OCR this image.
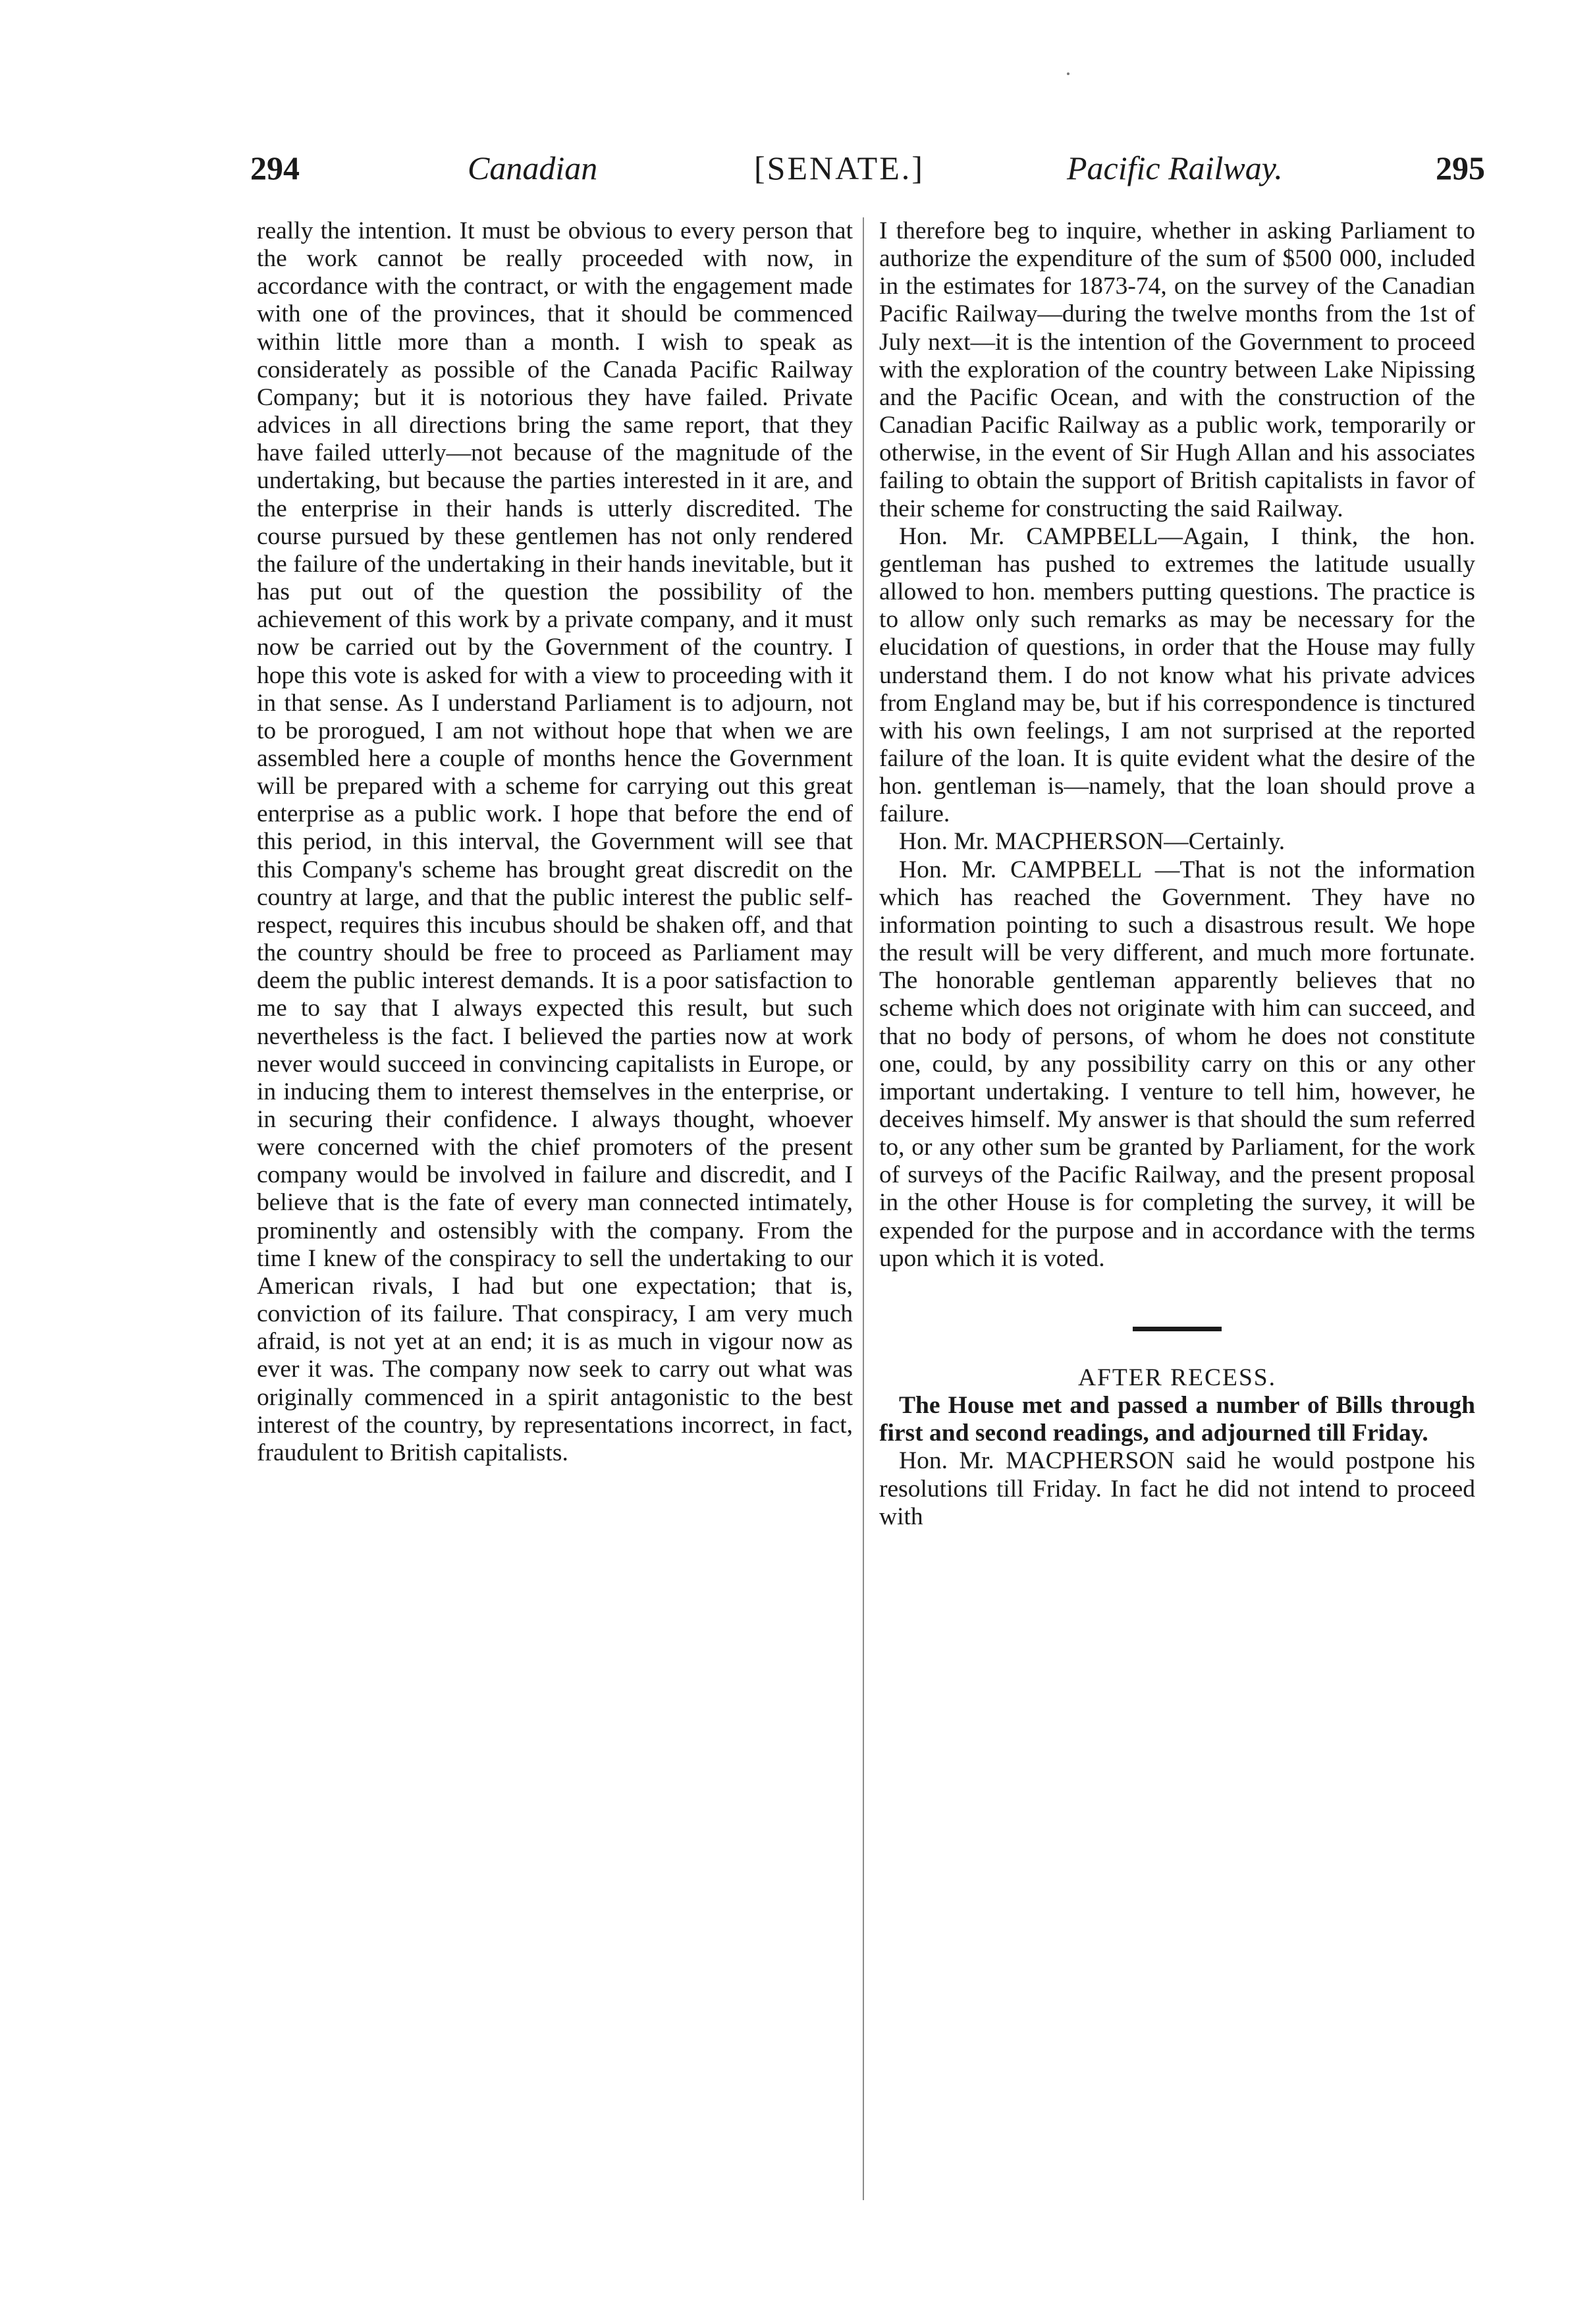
294	Canadian	[SENATE.]	Pacific Railway.	295

really the intention. It must be obvious to every person that the work cannot be really proceeded with now, in accordance with the contract, or with the engagement made with one of the provinces, that it should be commenced within little more than a month. I wish to speak as considerately as possible of the Canada Pacific Railway Company; but it is notorious they have failed. Private advices in all directions bring the same report, that they have failed utterly—not because of the magnitude of the undertaking, but because the parties interested in it are, and the enterprise in their hands is utterly discredited. The course pursued by these gentlemen has not only rendered the failure of the undertaking in their hands inevitable, but it has put out of the question the possibility of the achievement of this work by a private company, and it must now be carried out by the Government of the country. I hope this vote is asked for with a view to proceeding with it in that sense. As I understand Parliament is to adjourn, not to be prorogued, I am not without hope that when we are assembled here a couple of months hence the Government will be prepared with a scheme for carrying out this great enterprise as a public work. I hope that before the end of this period, in this interval, the Government will see that this Company's scheme has brought great discredit on the country at large, and that the public interest the public self-respect, requires this incubus should be shaken off, and that the country should be free to proceed as Parliament may deem the public interest demands. It is a poor satisfaction to me to say that I always expected this result, but such nevertheless is the fact. I believed the parties now at work never would succeed in convincing capitalists in Europe, or in inducing them to interest themselves in the enterprise, or in securing their confidence. I always thought, whoever were concerned with the chief promoters of the present company would be involved in failure and discredit, and I believe that is the fate of every man connected intimately, prominently and ostensibly with the company. From the time I knew of the conspiracy to sell the undertaking to our American rivals, I had but one expectation; that is, conviction of its failure. That conspiracy, I am very much afraid, is not yet at an end; it is as much in vigour now as ever it was. The company now seek to carry out what was originally commenced in a spirit antagonistic to the best interest of the country, by representations incorrect, in fact, fraudulent to British capitalists.

I therefore beg to inquire, whether in asking Parliament to authorize the expenditure of the sum of $500 000, included in the estimates for 1873-74, on the survey of the Canadian Pacific Railway—during the twelve months from the 1st of July next—it is the intention of the Government to proceed with the exploration of the country between Lake Nipissing and the Pacific Ocean, and with the construction of the Canadian Pacific Railway as a public work, temporarily or otherwise, in the event of Sir Hugh Allan and his associates failing to obtain the support of British capitalists in favor of their scheme for constructing the said Railway.

Hon. Mr. CAMPBELL—Again, I think, the hon. gentleman has pushed to extremes the latitude usually allowed to hon. members putting questions. The practice is to allow only such remarks as may be necessary for the elucidation of questions, in order that the House may fully understand them. I do not know what his private advices from England may be, but if his correspondence is tinctured with his own feelings, I am not surprised at the reported failure of the loan. It is quite evident what the desire of the hon. gentleman is—namely, that the loan should prove a failure.

Hon. Mr. MACPHERSON—Certainly.

Hon. Mr. CAMPBELL —That is not the information which has reached the Government. They have no information pointing to such a disastrous result. We hope the result will be very different, and much more fortunate. The honorable gentleman apparently believes that no scheme which does not originate with him can succeed, and that no body of persons, of whom he does not constitute one, could, by any possibility carry on this or any other important undertaking. I venture to tell him, however, he deceives himself. My answer is that should the sum referred to, or any other sum be granted by Parliament, for the work of surveys of the Pacific Railway, and the present proposal in the other House is for completing the survey, it will be expended for the purpose and in accordance with the terms upon which it is voted.

AFTER RECESS.

The House met and passed a number of Bills through first and second readings, and adjourned till Friday.

Hon. Mr. MACPHERSON said he would postpone his resolutions till Friday. In fact he did not intend to proceed with
